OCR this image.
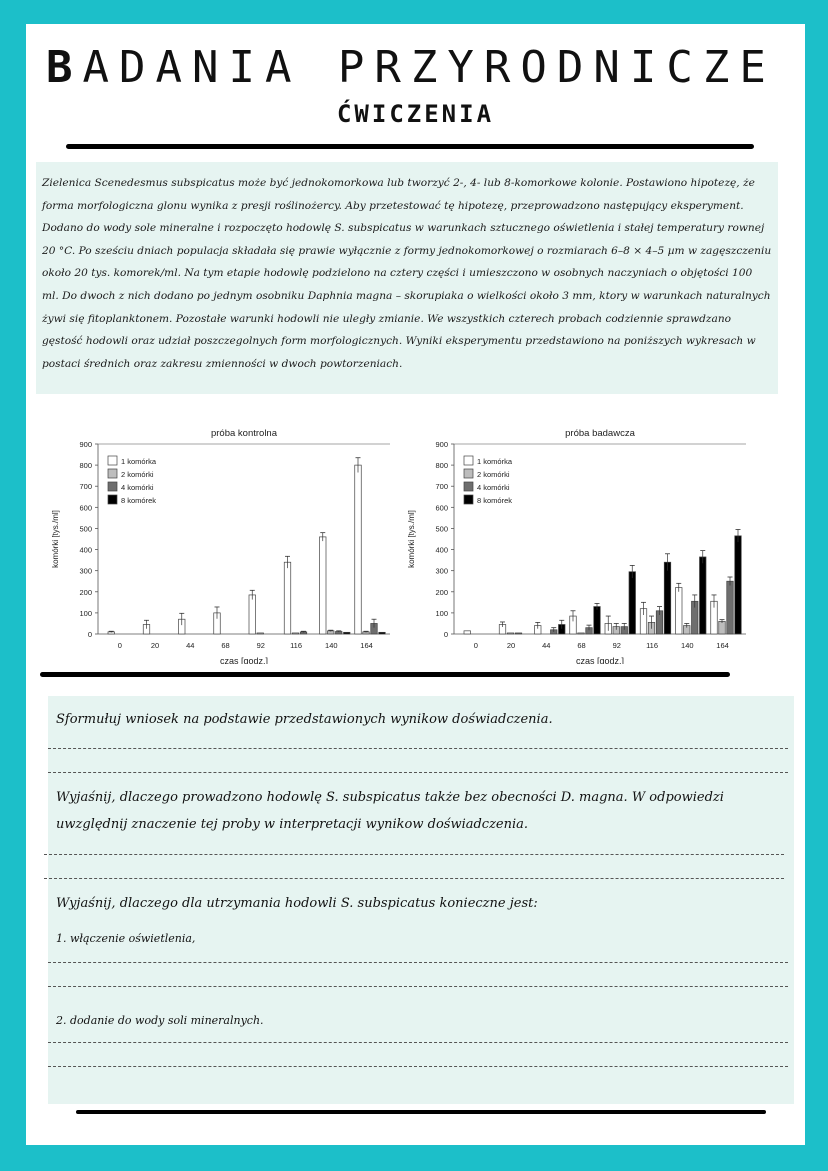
BADANIA PRZYRODNICZE
ĆWICZENIA

Zielenica Scenedesmus subspicatus może być jednokomorkowa lub tworzyć 2-, 4- lub 8-komorkowe kolonie. Postawiono hipotezę, że forma morfologiczna glonu wynika z presji roślinożercy. Aby przetestować tę hipotezę, przeprowadzono następujący eksperyment. Dodano do wody sole mineralne i rozpoczęto hodowlę S. subspicatus w warunkach sztucznego oświetlenia i stałej temperatury rownej 20 °C. Po sześciu dniach populacja składała się prawie wyłącznie z formy jednokomorkowej o rozmiarach 6–8 × 4–5 µm w zagęszczeniu około 20 tys. komorek/ml. Na tym etapie hodowlę podzielono na cztery części i umieszczono w osobnych naczyniach o objętości 100 ml. Do dwoch z nich dodano po jednym osobniku Daphnia magna – skorupiaka o wielkości około 3 mm, ktory w warunkach naturalnych żywi się fitoplanktonem. Pozostałe warunki hodowli nie uległy zmianie. We wszystkich czterech probach codziennie sprawdzano gęstość hodowli oraz udział poszczegolnych form morfologicznych. Wyniki eksperymentu przedstawiono na poniższych wykresach w postaci średnich oraz zakresu zmienności w dwoch powtorzeniach.

próba kontrolna
0
100
200
300
400
500
600
700
800
900
komórki [tys./ml]
czas [godz.]
0	20	44	68	92	116	140	164
1 komórka
2 komórki
4 komórki
8 komórek
próba badawcza
0
100
200
300
400
500
600
700
800
900
komórki [tys./ml]
czas [godz.]
0	20	44	68	92	116	140	164
1 komórka
2 komórki
4 komórki
8 komórek

Sformułuj wniosek na podstawie przedstawionych wynikow doświadczenia.

Wyjaśnij, dlaczego prowadzono hodowlę S. subspicatus także bez obecności D. magna. W odpowiedzi uwzględnij znaczenie tej proby w interpretacji wynikow doświadczenia.

Wyjaśnij, dlaczego dla utrzymania hodowli S. subspicatus konieczne jest:

1. włączenie oświetlenia,
2. dodanie do wody soli mineralnych.
